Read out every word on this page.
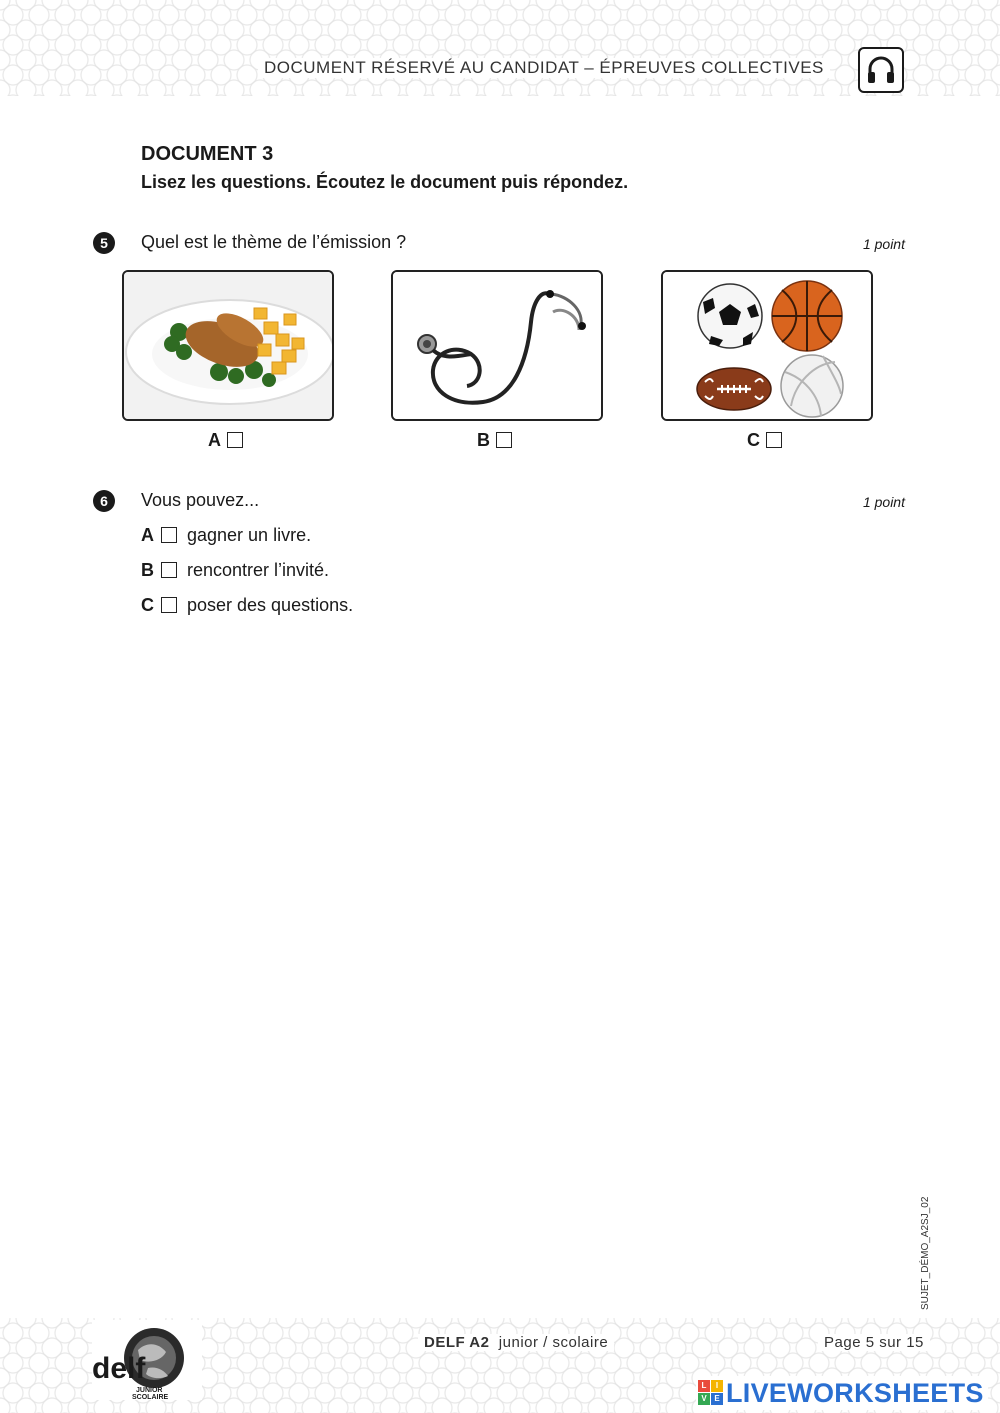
DOCUMENT RÉSERVÉ AU CANDIDAT – ÉPREUVES COLLECTIVES
DOCUMENT 3
Lisez les questions. Écoutez le document puis répondez.
5	Quel est le thème de l’émission ?	1 point
A	B	C
6	Vous pouvez...	1 point
A gagner un livre.
B rencontrer l’invité.
C poser des questions.
SUJET_DÉMO_A2SJ_02
delf
JUNIOR
SCOLAIRE
DELF A2 junior / scolaire	Page 5 sur 15
L	I
V E LIVEWORKSHEETS
